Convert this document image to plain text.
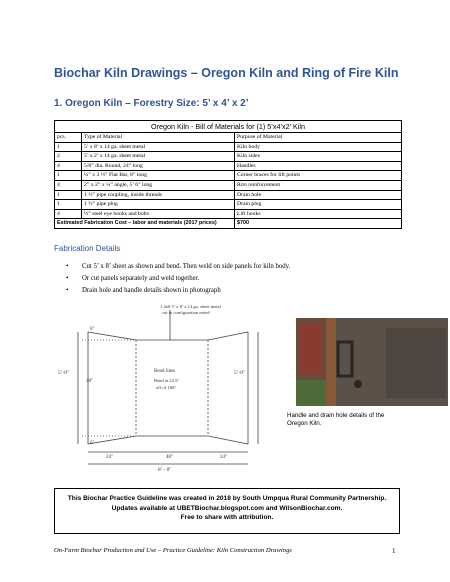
Biochar Kiln Drawings – Oregon Kiln and Ring of Fire Kiln
1. Oregon Kiln – Forestry Size: 5’ x 4’ x 2’
Oregon Kiln - Bill of Materials for (1) 5’x4’x2’ Kiln		
pcs.	Type of Material	Purpose of Material
1	5’ x 8’ x 14 ga. sheet metal	Kiln body
2	5’ x 2’ x 14 ga. sheet metal	Kiln sides
4	5/8” dia. Round, 24” long	Handles
1	¼” x 3 ½” Flat Bar, 8” long	Corner braces for lift points
4	2” x 2” x ¼” angle, 5’ 6” long	Rim reinforcement
1	1 ½” pipe coupling, inside threads	Drain hole
1	1 ½” pipe plug	Drain plug
4	½” steel eye hooks and bolts	Lift hooks
Estimated Fabrication Cost – labor and materials (2017 prices)		$700
Fabrication Details
• Cut 5’ x 8’ sheet as shown and bend. Then weld on side panels for kiln body.
• Or cut panels separately and weld together.
• Drain hole and handle details shown in photograph
1 4x8 5’ x 8’ x 14 ga. sheet metal
cut to configuration noted
Bend lines
Bend at 22.5°
off of 180°
6"
48"
6"
5’-0"	5’-0"
24"	48"	24"
8’ - 0"
Handle and drain hole details of the Oregon Kiln.
This Biochar Practice Guideline was created in 2018 by South Umpqua Rural Community Partnership.
Updates available at UBETBiochar.blogspot.com and WilsonBiochar.com.
Free to share with attribution.
On-Farm Biochar Production and Use – Practice Guideline: Kiln Construction Drawings	1
